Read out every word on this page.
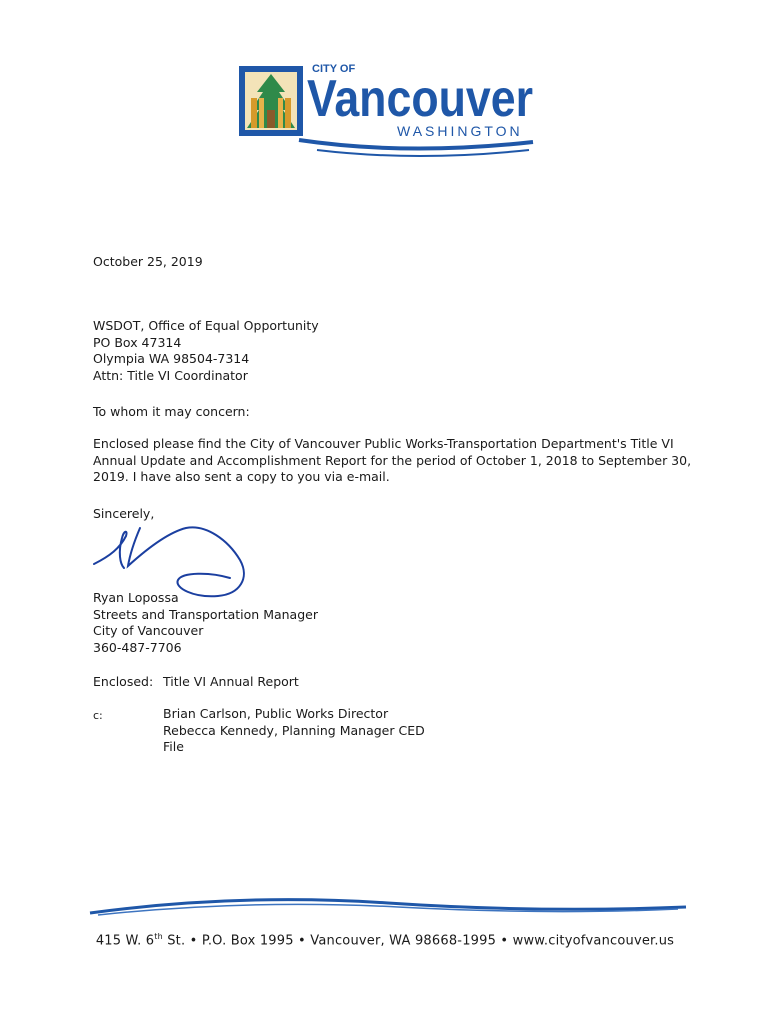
CITY OF
Vancouver
WASHINGTON
October 25, 2019
WSDOT, Office of Equal Opportunity
PO Box 47314
Olympia WA 98504-7314
Attn: Title VI Coordinator
To whom it may concern:
Enclosed please find the City of Vancouver Public Works-Transportation Department's Title VI
Annual Update and Accomplishment Report for the period of October 1, 2018 to September 30,
2019. I have also sent a copy to you via e-mail.
Sincerely,
Ryan Lopossa
Streets and Transportation Manager
City of Vancouver
360-487-7706
Enclosed: Title VI Annual Report
c:	Brian Carlson, Public Works Director
Rebecca Kennedy, Planning Manager CED
File
415 W. 6th St. • P.O. Box 1995 • Vancouver, WA 98668-1995 • www.cityofvancouver.us
